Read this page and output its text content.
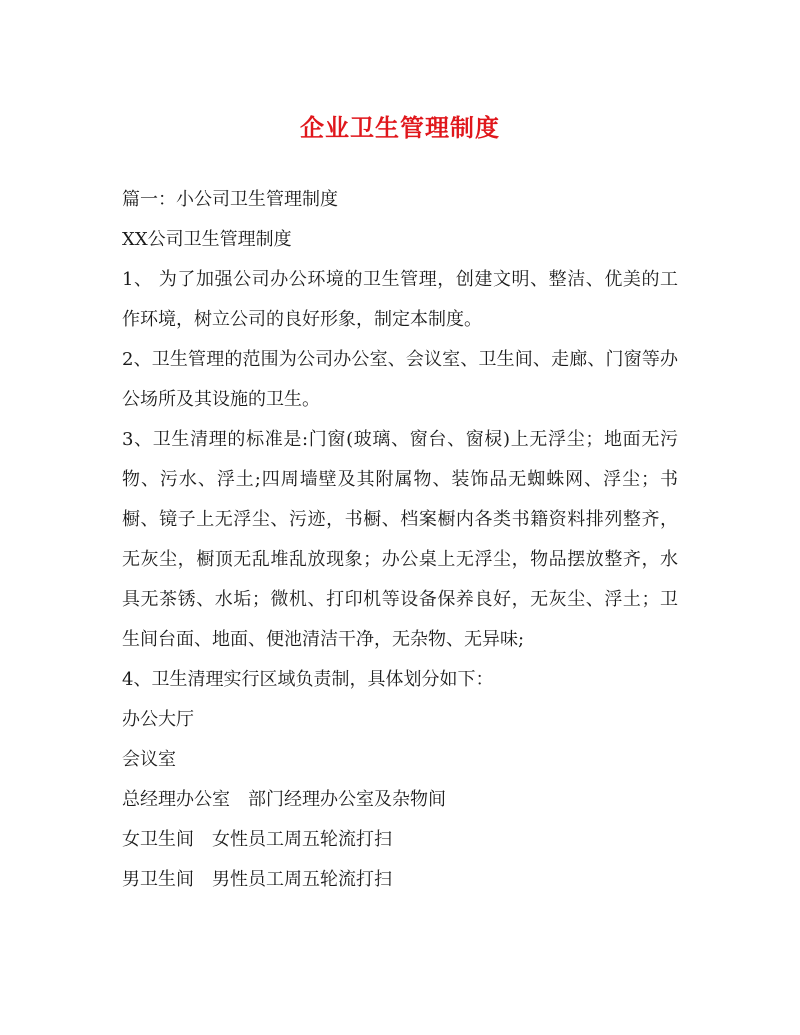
企业卫生管理制度

篇一：小公司卫生管理制度

XX公司卫生管理制度

1、 为了加强公司办公环境的卫生管理，创建文明、整洁、优美的工作环境，树立公司的良好形象，制定本制度。

2、卫生管理的范围为公司办公室、会议室、卫生间、走廊、门窗等办公场所及其设施的卫生。

3、卫生清理的标准是:门窗(玻璃、窗台、窗棂)上无浮尘；地面无污物、污水、浮土;四周墙壁及其附属物、装饰品无蜘蛛网、浮尘；书橱、镜子上无浮尘、污迹，书橱、档案橱内各类书籍资料排列整齐，无灰尘，橱顶无乱堆乱放现象；办公桌上无浮尘，物品摆放整齐，水具无茶锈、水垢；微机、打印机等设备保养良好，无灰尘、浮土；卫生间台面、地面、便池清洁干净，无杂物、无异味;

4、卫生清理实行区域负责制，具体划分如下：

办公大厅

会议室

总经理办公室　部门经理办公室及杂物间

女卫生间　女性员工周五轮流打扫

男卫生间　男性员工周五轮流打扫
